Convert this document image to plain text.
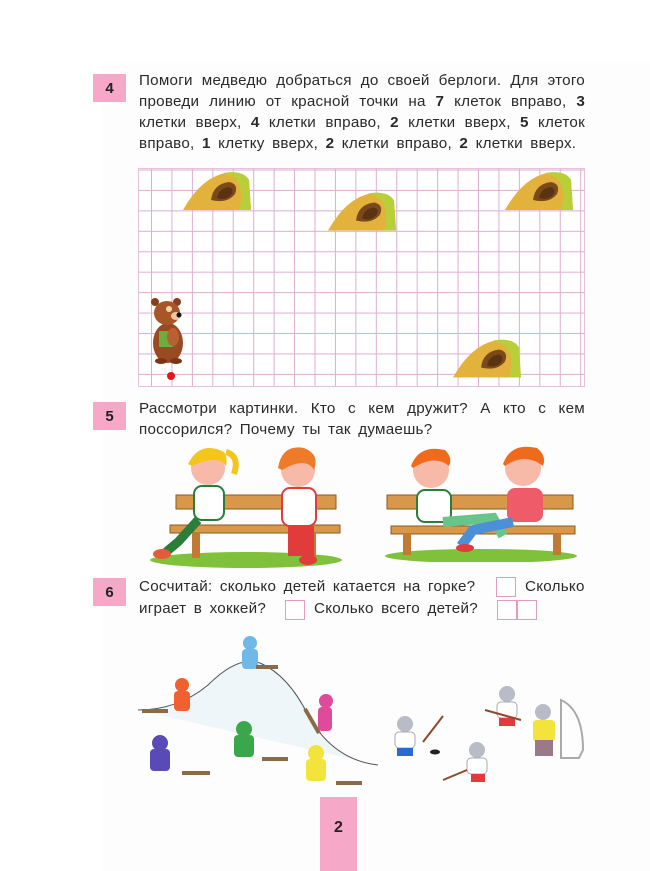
4 Помоги медведю добраться до своей берлоги. Для этого проведи линию от красной точки на 7 клеток вправо, 3 клетки вверх, 4 клетки вправо, 2 клетки вверх, 5 клеток вправо, 1 клетку вверх, 2 клетки вправо, 2 клетки вверх.
5 Рассмотри картинки. Кто с кем дружит? А кто с кем поссорился? Почему ты так думаешь?
6 Сосчитай: сколько детей катается на горке?	Сколько
играет в хоккей?	Сколько всего детей?
2
